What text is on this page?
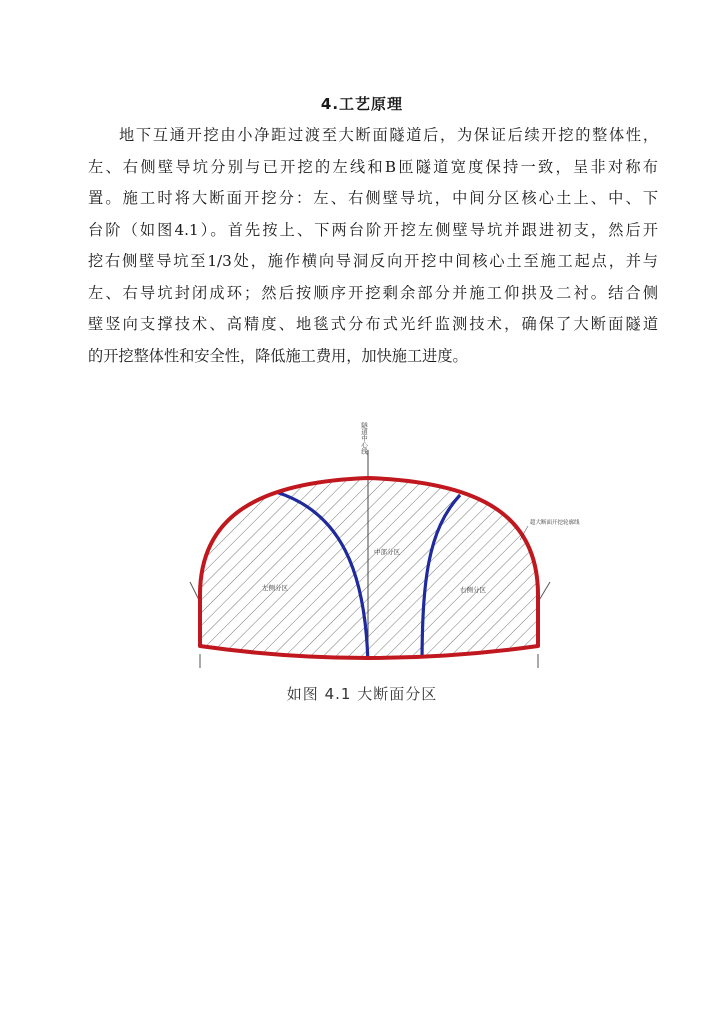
4.工艺原理
地下互通开挖由小净距过渡至大断面隧道后，为保证后续开挖的整体性，
左、右侧壁导坑分别与已开挖的左线和B匝隧道宽度保持一致，呈非对称布
置。施工时将大断面开挖分：左、右侧壁导坑，中间分区核心土上、中、下
台阶（如图4.1）。首先按上、下两台阶开挖左侧壁导坑并跟进初支，然后开
挖右侧壁导坑至1/3处，施作横向导洞反向开挖中间核心土至施工起点，并与
左、右导坑封闭成环；然后按顺序开挖剩余部分并施工仰拱及二衬。结合侧
壁竖向支撑技术、高精度、地毯式分布式光纤监测技术，确保了大断面隧道
的开挖整体性和安全性，降低施工费用，加快施工进度。
隧道中心线
超大断面开挖轮廓线
左侧分区
中部分区
右侧分区
如图 4.1 大断面分区
